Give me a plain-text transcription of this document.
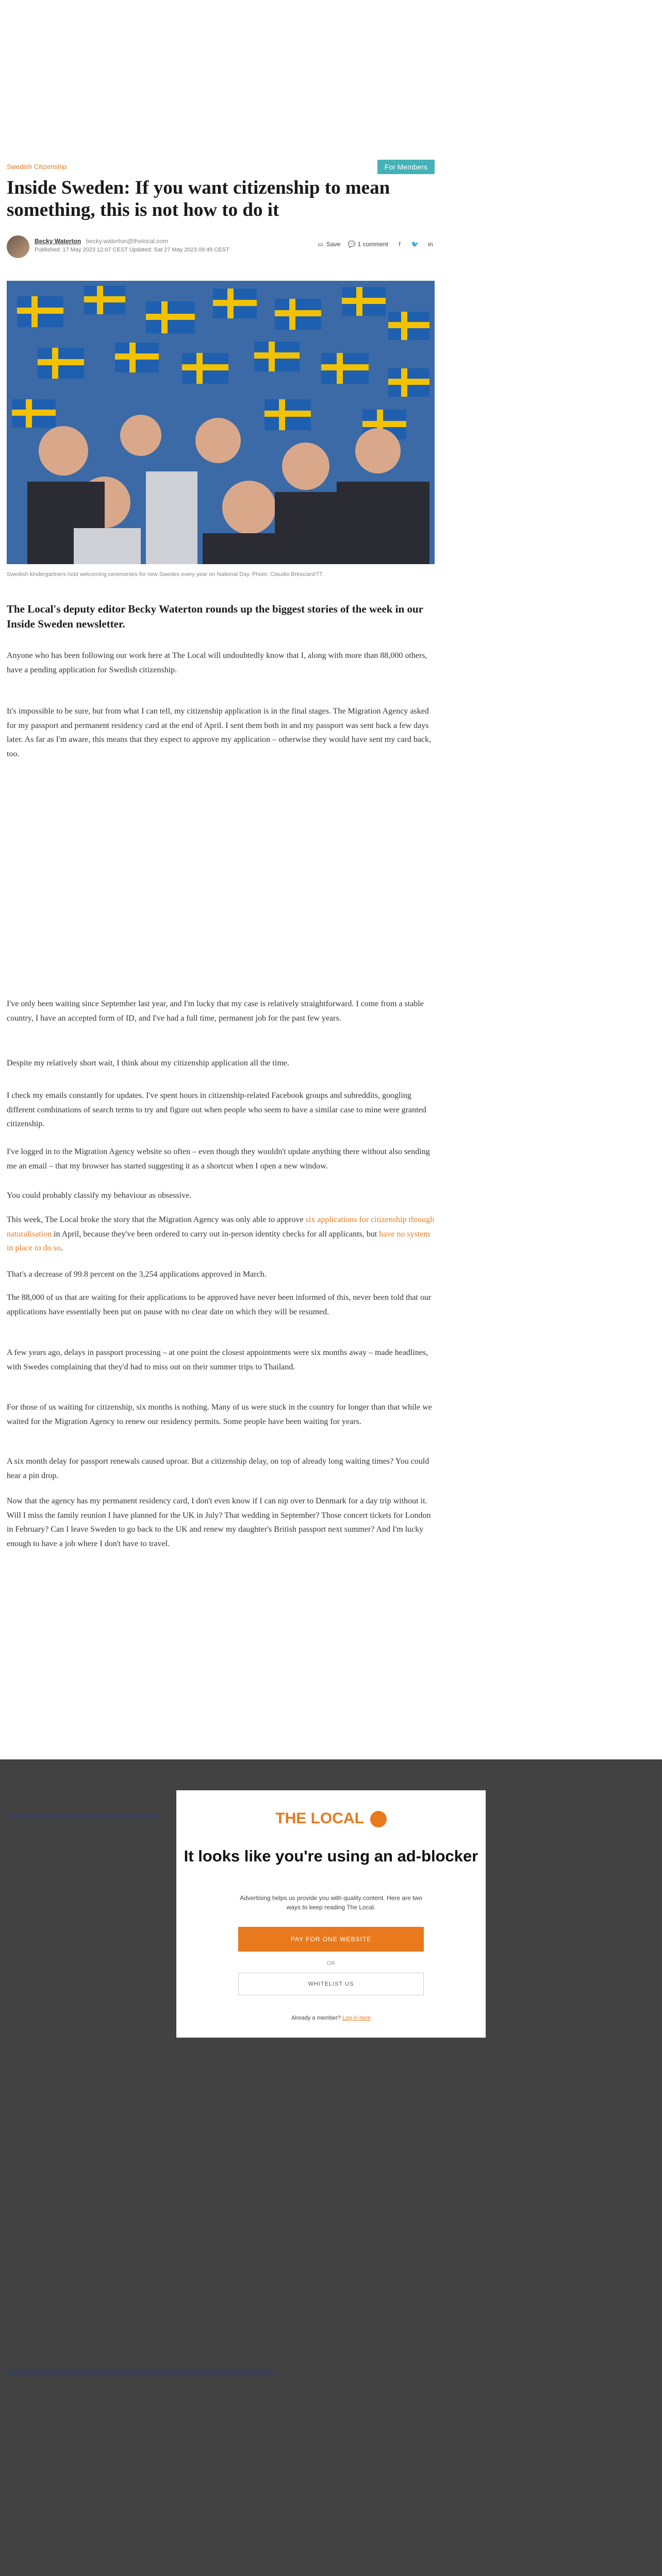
Swedish Citizenship	For Members
Inside Sweden: If you want citizenship to mean something, this is not how to do it
Becky Waterton becky.waterton@thelocal.com
Published: 17 May 2023 12:07 CEST Updated: Sat 27 May 2023 09:49 CEST
▭ Save 💬 1 comment	f	🐦 in
Swedish kindergartners hold welcoming ceremonies for new Swedes every year on National Day. Photo: Claudio Bresciani/TT

The Local's deputy editor Becky Waterton rounds up the biggest stories of the week in our Inside Sweden newsletter.

Anyone who has been following our work here at The Local will undoubtedly know that I, along with more than 88,000 others, have a pending application for Swedish citizenship.

It's impossible to be sure, but from what I can tell, my citizenship application is in the final stages. The Migration Agency asked for my passport and permanent residency card at the end of April. I sent them both in and my passport was sent back a few days later. As far as I'm aware, this means that they expect to approve my application – otherwise they would have sent my card back, too.

I've only been waiting since September last year, and I'm lucky that my case is relatively straightforward. I come from a stable country, I have an accepted form of ID, and I've had a full time, permanent job for the past few years.

Despite my relatively short wait, I think about my citizenship application all the time.

I check my emails constantly for updates. I've spent hours in citizenship-related Facebook groups and subreddits, googling different combinations of search terms to try and figure out when people who seem to have a similar case to mine were granted citizenship.

I've logged in to the Migration Agency website so often – even though they wouldn't update anything there without also sending me an email – that my browser has started suggesting it as a shortcut when I open a new window.

You could probably classify my behaviour as obsessive.

This week, The Local broke the story that the Migration Agency was only able to approve six applications for citizenship through naturalisation in April, because they've been ordered to carry out in-person identity checks for all applicants, but have no system in place to do so.

That's a decrease of 99.8 percent on the 3,254 applications approved in March.

The 88,000 of us that are waiting for their applications to be approved have never been informed of this, never been told that our applications have essentially been put on pause with no clear date on which they will be resumed.

A few years ago, delays in passport processing – at one point the closest appointments were six months away – made headlines, with Swedes complaining that they'd had to miss out on their summer trips to Thailand.

For those of us waiting for citizenship, six months is nothing. Many of us were stuck in the country for longer than that while we waited for the Migration Agency to renew our residency permits. Some people have been waiting for years.

A six month delay for passport renewals caused uproar. But a citizenship delay, on top of already long waiting times? You could hear a pin drop.

Now that the agency has my permanent residency card, I don't even know if I can nip over to Denmark for a day trip without it. Will I miss the family reunion I have planned for the UK in July? That wedding in September? Those concert tickets for London in February? Can I leave Sweden to go back to the UK and renew my daughter's British passport next summer? And I'm lucky enough to have a job where I don't have to travel.

THE LOCAL
It looks like you're using an ad-blocker
Advertising helps us provide you with quality content. Here are two ways to keep reading The Local.
PAY FOR ONE WEBSITE
OR
WHITELIST US
Already a member? Log in here
